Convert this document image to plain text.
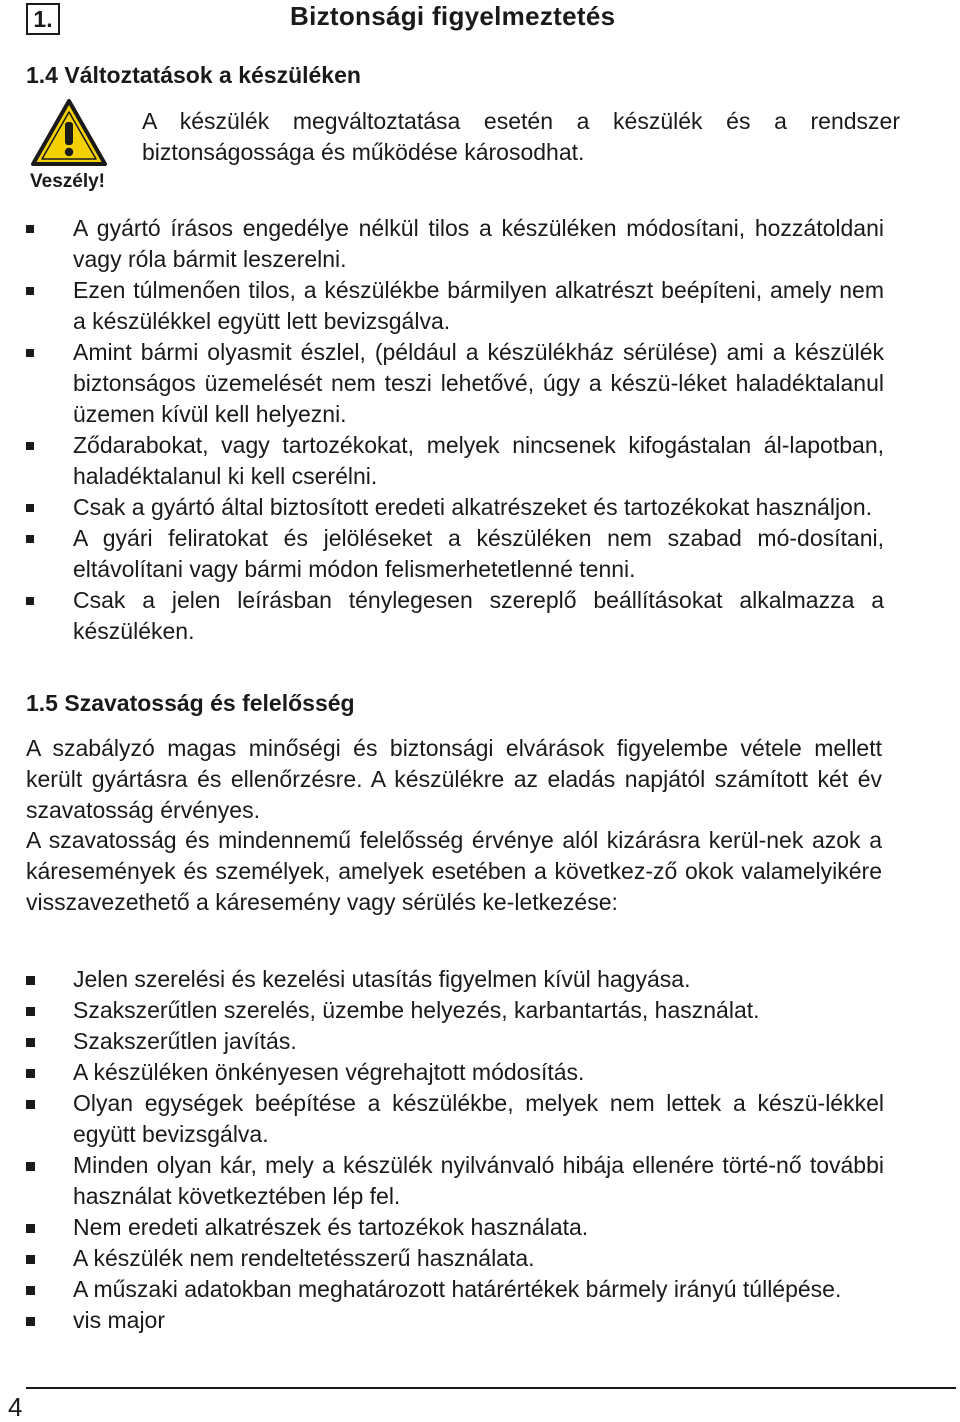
1.	Biztonsági figyelmeztetés
1.4 Változtatások a készüléken
Veszély!
A készülék megváltoztatása esetén a készülék és a rendszer biztonságossága és működése károsodhat.
A gyártó írásos engedélye nélkül tilos a készüléken módosítani, hozzátoldani vagy róla bármit leszerelni.
Ezen túlmenően tilos, a készülékbe bármilyen alkatrészt beépíteni, amely nem a készülékkel együtt lett bevizsgálva.
Amint bármi olyasmit észlel, (például a készülékház sérülése) ami a készülék biztonságos üzemelését nem teszi lehetővé, úgy a készü-léket haladéktalanul üzemen kívül kell helyezni.
Ződarabokat, vagy tartozékokat, melyek nincsenek kifogástalan ál-lapotban, haladéktalanul ki kell cserélni.
Csak a gyártó által biztosított eredeti alkatrészeket és tartozékokat használjon.
A gyári feliratokat és jelöléseket a készüléken nem szabad mó-dosítani, eltávolítani vagy bármi módon felismerhetetlenné tenni.
Csak a jelen leírásban ténylegesen szereplő beállításokat alkalmazza a készüléken.
1.5 Szavatosság és felelősség
A szabályzó magas minőségi és biztonsági elvárások figyelembe vétele mellett került gyártásra és ellenőrzésre. A készülékre az eladás napjától számított két év szavatosság érvényes.
A szavatosság és mindennemű felelősség érvénye alól kizárásra kerül-nek azok a káresemények és személyek, amelyek esetében a következ-ző okok valamelyikére visszavezethető a káresemény vagy sérülés ke-letkezése:
Jelen szerelési és kezelési utasítás figyelmen kívül hagyása.
Szakszerűtlen szerelés, üzembe helyezés, karbantartás, használat.
Szakszerűtlen javítás.
A készüléken önkényesen végrehajtott módosítás.
Olyan egységek beépítése a készülékbe, melyek nem lettek a készü-lékkel együtt bevizsgálva.
Minden olyan kár, mely a készülék nyilvánvaló hibája ellenére törté-nő további használat következtében lép fel.
Nem eredeti alkatrészek és tartozékok használata.
A készülék nem rendeltetésszerű használata.
A műszaki adatokban meghatározott határértékek bármely irányú túllépése.
vis major
4
